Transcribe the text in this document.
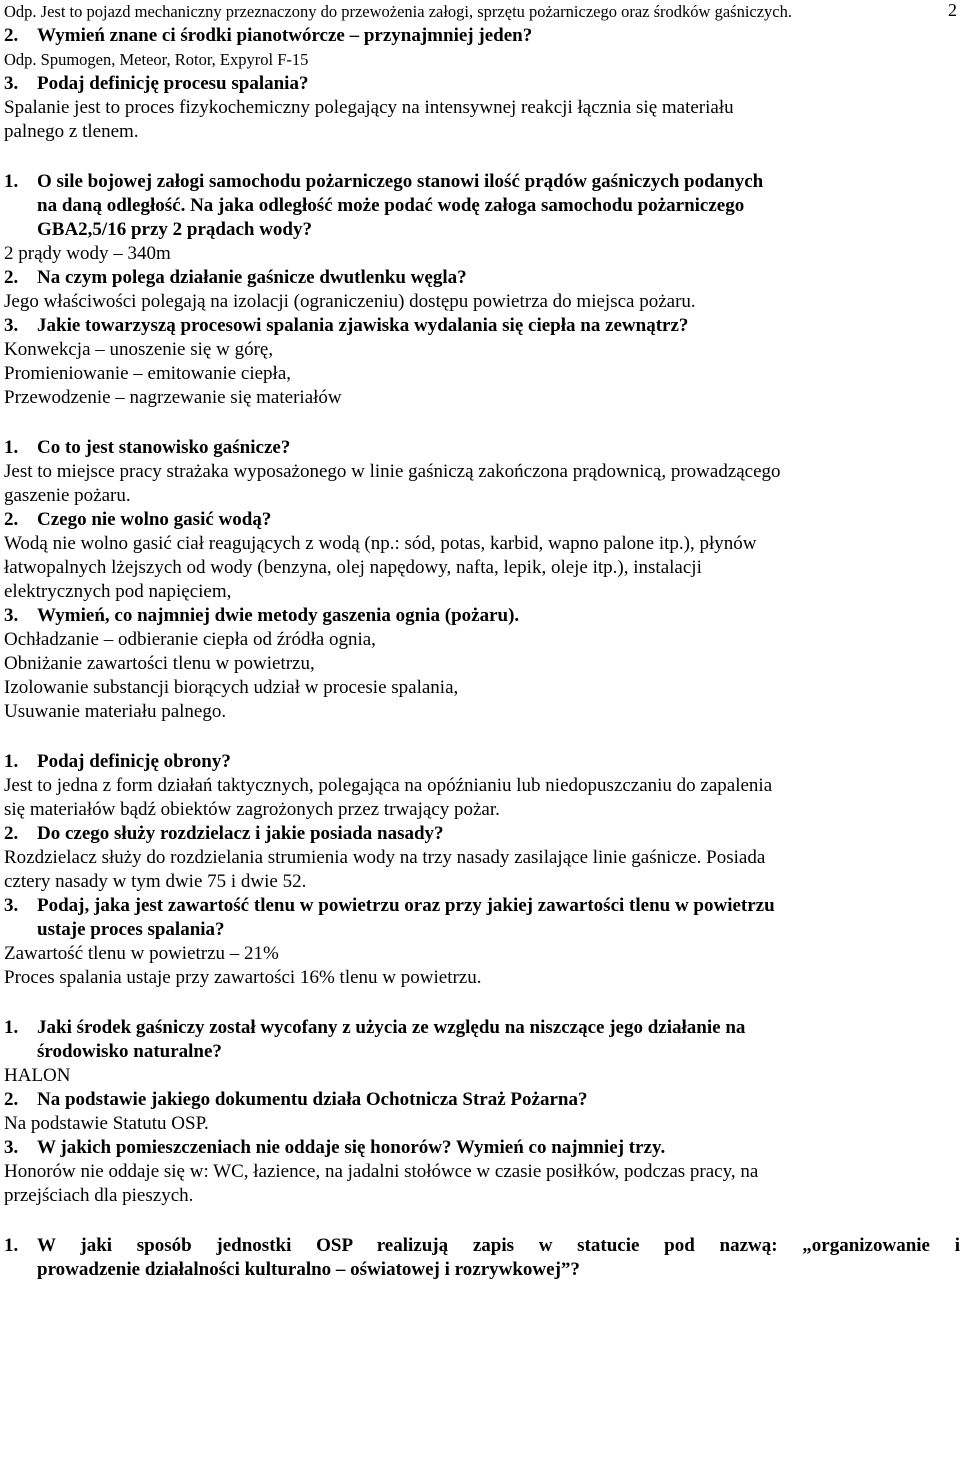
2
Odp. Jest to pojazd mechaniczny przeznaczony do przewożenia załogi, sprzętu pożarniczego oraz środków gaśniczych.
2. Wymień znane ci środki pianotwórcze – przynajmniej jeden?
Odp. Spumogen, Meteor, Rotor, Expyrol F-15
3. Podaj definicję procesu spalania?
Spalanie jest to proces fizykochemiczny polegający na intensywnej reakcji łącznia się materiału
palnego z tlenem.
1. O sile bojowej załogi samochodu pożarniczego stanowi ilość prądów gaśniczych podanych
na daną odległość. Na jaka odległość może podać wodę załoga samochodu pożarniczego
GBA2,5/16 przy 2 prądach wody?
2 prądy wody – 340m
2. Na czym polega działanie gaśnicze dwutlenku węgla?
Jego właściwości polegają na izolacji (ograniczeniu) dostępu powietrza do miejsca pożaru.
3. Jakie towarzyszą procesowi spalania zjawiska wydalania się ciepła na zewnątrz?
Konwekcja – unoszenie się w górę,
Promieniowanie – emitowanie ciepła,
Przewodzenie – nagrzewanie się materiałów
1. Co to jest stanowisko gaśnicze?
Jest to miejsce pracy strażaka wyposażonego w linie gaśniczą zakończona prądownicą, prowadzącego
gaszenie pożaru.
2. Czego nie wolno gasić wodą?
Wodą nie wolno gasić ciał reagujących z wodą (np.: sód, potas, karbid, wapno palone itp.), płynów
łatwopalnych lżejszych od wody (benzyna, olej napędowy, nafta, lepik, oleje itp.), instalacji
elektrycznych pod napięciem,
3. Wymień, co najmniej dwie metody gaszenia ognia (pożaru).
Ochładzanie – odbieranie ciepła od źródła ognia,
Obniżanie zawartości tlenu w powietrzu,
Izolowanie substancji biorących udział w procesie spalania,
Usuwanie materiału palnego.
1. Podaj definicję obrony?
Jest to jedna z form działań taktycznych, polegająca na opóźnianiu lub niedopuszczaniu do zapalenia
się materiałów bądź obiektów zagrożonych przez trwający pożar.
2. Do czego służy rozdzielacz i jakie posiada nasady?
Rozdzielacz służy do rozdzielania strumienia wody na trzy nasady zasilające linie gaśnicze. Posiada
cztery nasady w tym dwie 75 i dwie 52.
3. Podaj, jaka jest zawartość tlenu w powietrzu oraz przy jakiej zawartości tlenu w powietrzu
ustaje proces spalania?
Zawartość tlenu w powietrzu – 21%
Proces spalania ustaje przy zawartości 16% tlenu w powietrzu.
1. Jaki środek gaśniczy został wycofany z użycia ze względu na niszczące jego działanie na
środowisko naturalne?
HALON
2. Na podstawie jakiego dokumentu działa Ochotnicza Straż Pożarna?
Na podstawie Statutu OSP.
3. W jakich pomieszczeniach nie oddaje się honorów? Wymień co najmniej trzy.
Honorów nie oddaje się w: WC, łazience, na jadalni stołówce w czasie posiłków, podczas pracy, na
przejściach dla pieszych.
1. W jaki sposób jednostki OSP realizują zapis w statucie pod nazwą: „organizowanie i
prowadzenie działalności kulturalno – oświatowej i rozrywkowej”?
